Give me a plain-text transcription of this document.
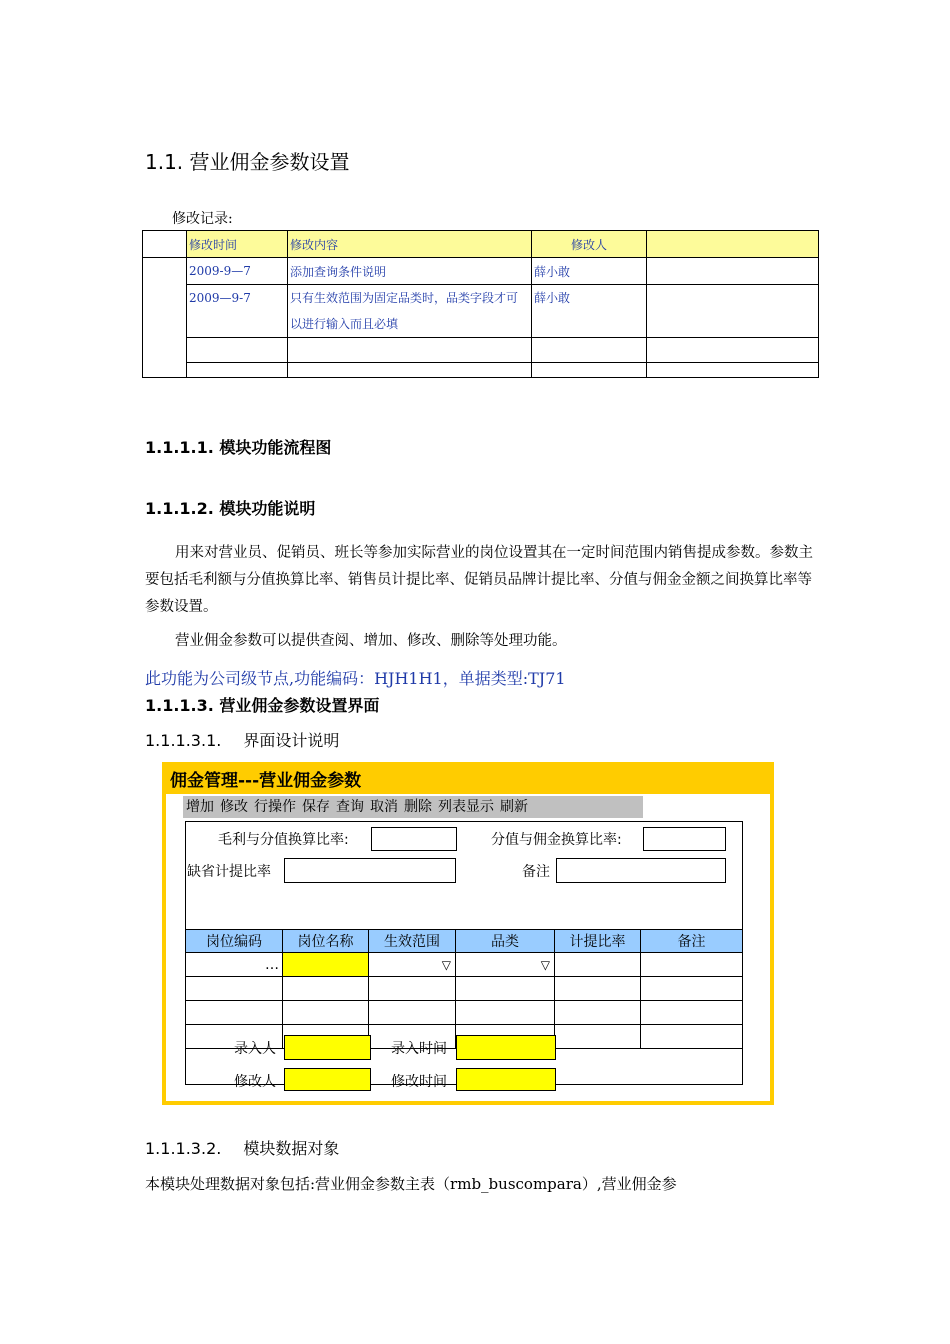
1.1. 营业佣金参数设置
修改记录:
	修改时间	修改内容	修改人	
	2009-9—7	添加查询条件说明	薛小敢	
	2009—9-7	只有生效范围为固定品类时，品类字段才可以进行输入而且必填	薛小敢	

1.1.1.1. 模块功能流程图
1.1.1.2. 模块功能说明
用来对营业员、促销员、班长等参加实际营业的岗位设置其在一定时间范围内销售提成参数。参数主要包括毛利额与分值换算比率、销售员计提比率、促销员品牌计提比率、分值与佣金金额之间换算比率等参数设置。
营业佣金参数可以提供查阅、增加、修改、删除等处理功能。
此功能为公司级节点,功能编码：HJH1H1，单据类型:TJ71
1.1.1.3. 营业佣金参数设置界面
1.1.1.3.1. 界面设计说明
佣金管理---营业佣金参数
增加 修改 行操作 保存 查询 取消 删除 列表显示 刷新
毛利与分值换算比率:	分值与佣金换算比率:
缺省计提比率	备注
岗位编码	岗位名称	生效范围	品类	计提比率	备注
…		▽	▽		

录入人	录入时间
修改人	修改时间
1.1.1.3.2. 模块数据对象
本模块处理数据对象包括:营业佣金参数主表（rmb_buscompara）,营业佣金参
